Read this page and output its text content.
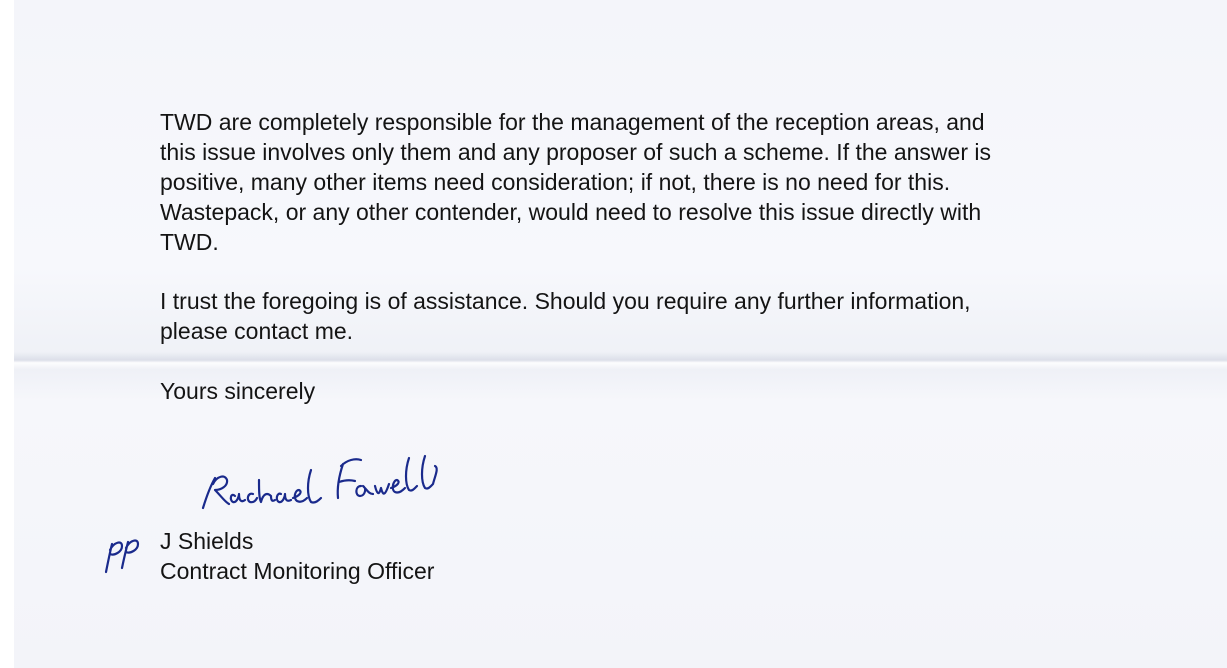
TWD are completely responsible for the management of the reception areas, and
this issue involves only them and any proposer of such a scheme. If the answer is
positive, many other items need consideration; if not, there is no need for this.
Wastepack, or any other contender, would need to resolve this issue directly with
TWD.

I trust the foregoing is of assistance. Should you require any further information,
please contact me.

Yours sincerely

J Shields

Contract Monitoring Officer
